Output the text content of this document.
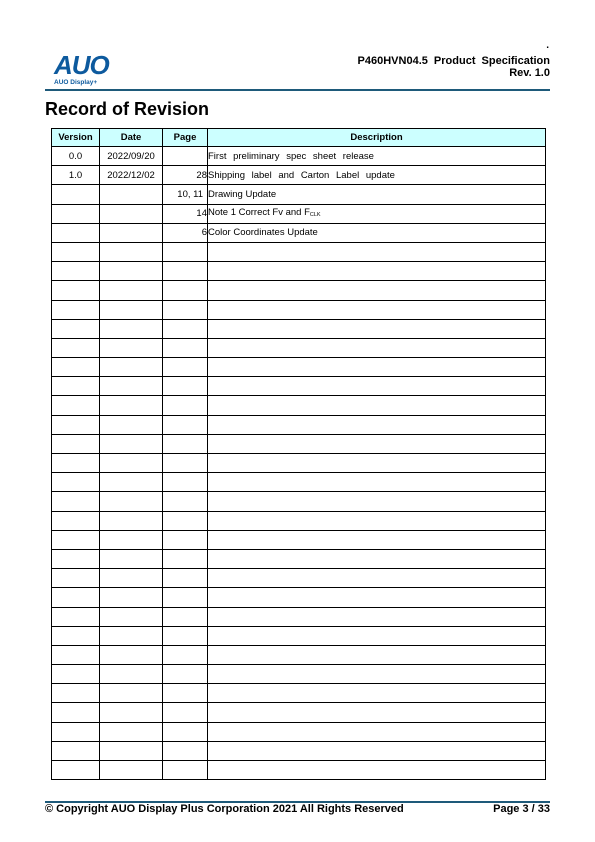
AUO
AUO Display+
.
P460HVN04.5 Product Specification
Rev. 1.0
Record of Revision
Version	Date	Page	Description
0.0	2022/09/20		First preliminary spec sheet release
1.0	2022/12/02	28	Shipping label and Carton Label update
		10, 11	Drawing Update
		14	Note 1 Correct Fv and FCLK
		6	Color Coordinates Update

© Copyright AUO Display Plus Corporation 2021 All Rights Reserved	Page 3 / 33
